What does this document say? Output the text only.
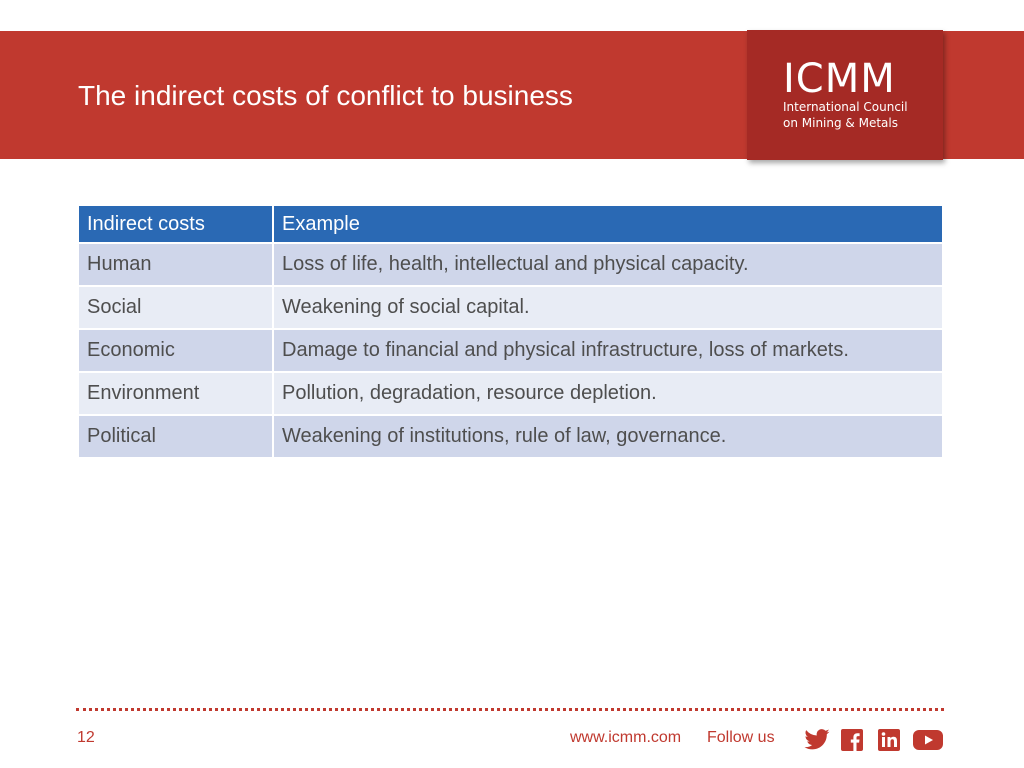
The indirect costs of conflict to business	ICMM
International Council
on Mining & Metals
Indirect costs	Example
Human	Loss of life, health, intellectual and physical capacity.
Social	Weakening of social capital.
Economic	Damage to financial and physical infrastructure, loss of markets.
Environment	Pollution, degradation, resource depletion.
Political	Weakening of institutions, rule of law, governance.
12	www.icmm.com Follow us
